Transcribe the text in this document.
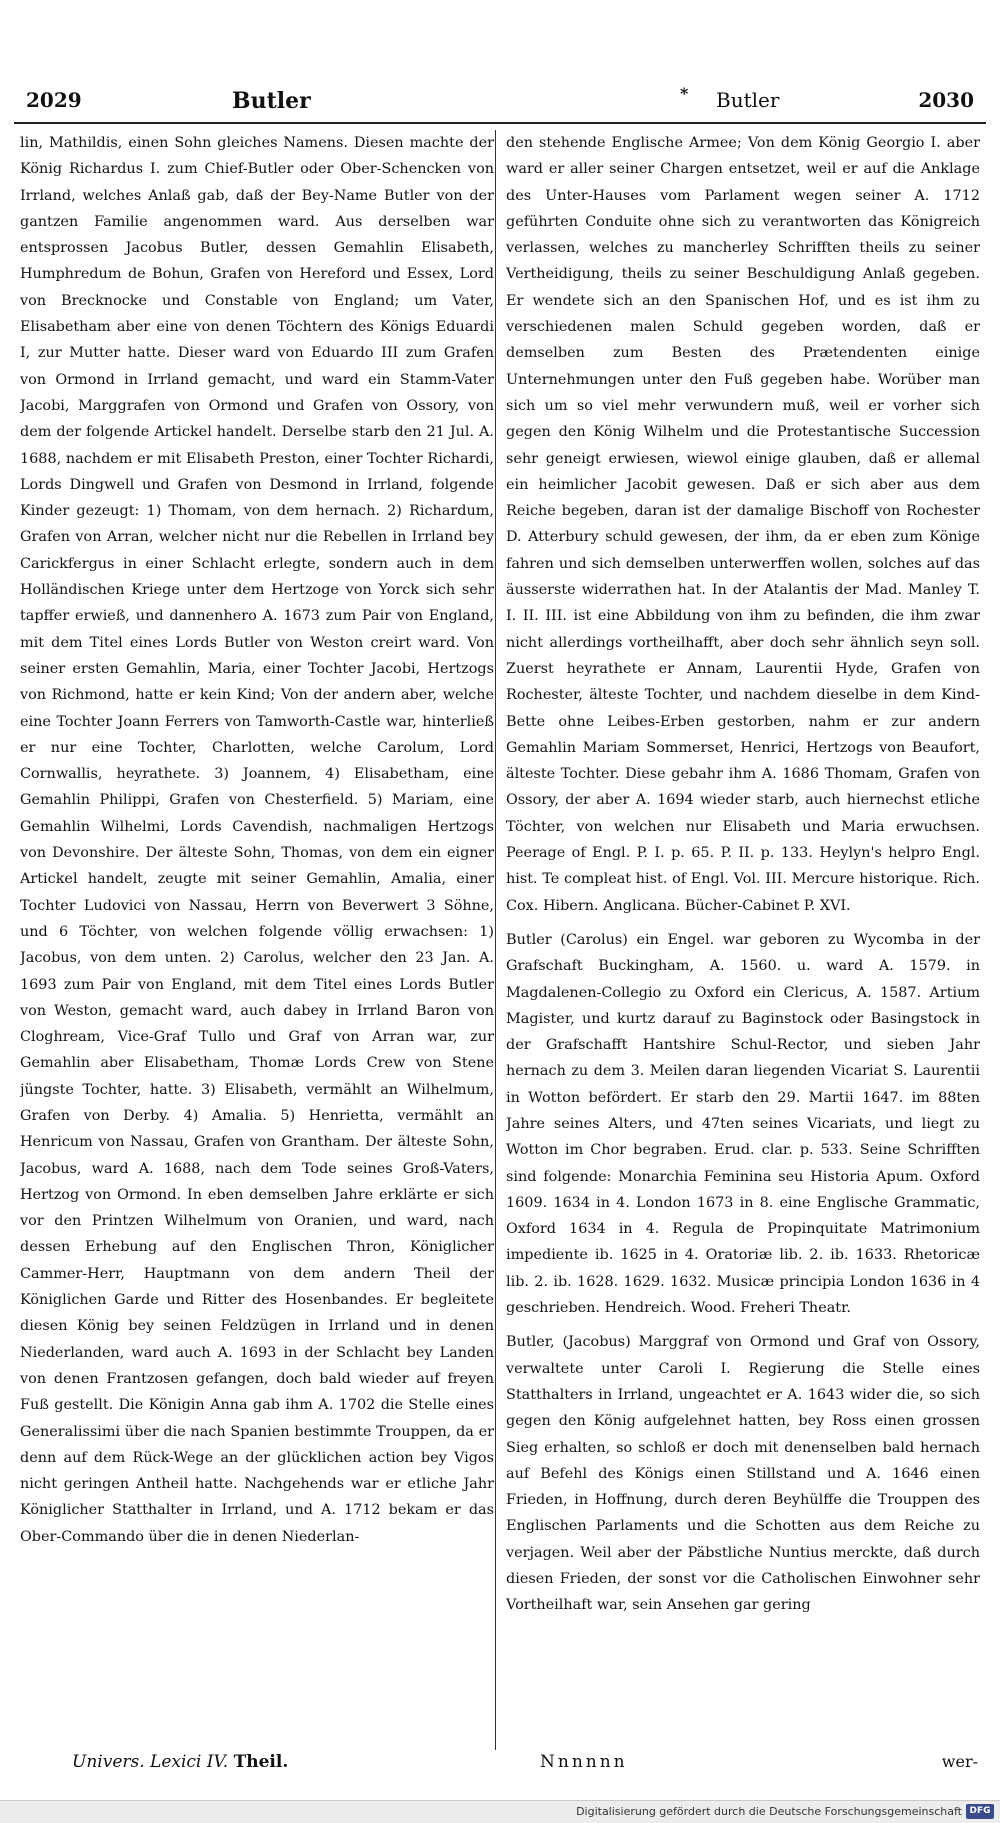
2029	Butler	* Butler	2030

lin, Mathildis, einen Sohn gleiches Namens. Diesen machte der König Richardus I. zum Chief-Butler oder Ober-Schencken von Irrland, welches Anlaß gab, daß der Bey-Name Butler von der gantzen Familie angenommen ward. Aus derselben war entsprossen Jacobus Butler, dessen Gemahlin Elisabeth, Humphredum de Bohun, Grafen von Hereford und Essex, Lord von Brecknocke und Constable von England; um Vater, Elisabetham aber eine von denen Töchtern des Königs Eduardi I, zur Mutter hatte. Dieser ward von Eduardo III zum Grafen von Ormond in Irrland gemacht, und ward ein Stamm-Vater Jacobi, Marggrafen von Ormond und Grafen von Ossory, von dem der folgende Artickel handelt. Derselbe starb den 21 Jul. A. 1688, nachdem er mit Elisabeth Preston, einer Tochter Richardi, Lords Dingwell und Grafen von Desmond in Irrland, folgende Kinder gezeugt: 1) Thomam, von dem hernach. 2) Richardum, Grafen von Arran, welcher nicht nur die Rebellen in Irrland bey Carickfergus in einer Schlacht erlegte, sondern auch in dem Holländischen Kriege unter dem Hertzoge von Yorck sich sehr tapffer erwieß, und dannenhero A. 1673 zum Pair von England, mit dem Titel eines Lords Butler von Weston creirt ward. Von seiner ersten Gemahlin, Maria, einer Tochter Jacobi, Hertzogs von Richmond, hatte er kein Kind; Von der andern aber, welche eine Tochter Joann Ferrers von Tamworth-Castle war, hinterließ er nur eine Tochter, Charlotten, welche Carolum, Lord Cornwallis, heyrathete. 3) Joannem, 4) Elisabetham, eine Gemahlin Philippi, Grafen von Chesterfield. 5) Mariam, eine Gemahlin Wilhelmi, Lords Cavendish, nachmaligen Hertzogs von Devonshire. Der älteste Sohn, Thomas, von dem ein eigner Artickel handelt, zeugte mit seiner Gemahlin, Amalia, einer Tochter Ludovici von Nassau, Herrn von Beverwert 3 Söhne, und 6 Töchter, von welchen folgende völlig erwachsen: 1) Jacobus, von dem unten. 2) Carolus, welcher den 23 Jan. A. 1693 zum Pair von England, mit dem Titel eines Lords Butler von Weston, gemacht ward, auch dabey in Irrland Baron von Cloghream, Vice-Graf Tullo und Graf von Arran war, zur Gemahlin aber Elisabetham, Thomæ Lords Crew von Stene jüngste Tochter, hatte. 3) Elisabeth, vermählt an Wilhelmum, Grafen von Derby. 4) Amalia. 5) Henrietta, vermählt an Henricum von Nassau, Grafen von Grantham. Der älteste Sohn, Jacobus, ward A. 1688, nach dem Tode seines Groß-Vaters, Hertzog von Ormond. In eben demselben Jahre erklärte er sich vor den Printzen Wilhelmum von Oranien, und ward, nach dessen Erhebung auf den Englischen Thron, Königlicher Cammer-Herr, Hauptmann von dem andern Theil der Königlichen Garde und Ritter des Hosenbandes. Er begleitete diesen König bey seinen Feldzügen in Irrland und in denen Niederlanden, ward auch A. 1693 in der Schlacht bey Landen von denen Frantzosen gefangen, doch bald wieder auf freyen Fuß gestellt. Die Königin Anna gab ihm A. 1702 die Stelle eines Generalissimi über die nach Spanien bestimmte Trouppen, da er denn auf dem Rück-Wege an der glücklichen action bey Vigos nicht geringen Antheil hatte. Nachgehends war er etliche Jahr Königlicher Statthalter in Irrland, und A. 1712 bekam er das Ober-Commando über die in denen Niederlan-

den stehende Englische Armee; Von dem König Georgio I. aber ward er aller seiner Chargen entsetzet, weil er auf die Anklage des Unter-Hauses vom Parlament wegen seiner A. 1712 geführten Conduite ohne sich zu verantworten das Königreich verlassen, welches zu mancherley Schrifften theils zu seiner Vertheidigung, theils zu seiner Beschuldigung Anlaß gegeben. Er wendete sich an den Spanischen Hof, und es ist ihm zu verschiedenen malen Schuld gegeben worden, daß er demselben zum Besten des Prætendenten einige Unternehmungen unter den Fuß gegeben habe. Worüber man sich um so viel mehr verwundern muß, weil er vorher sich gegen den König Wilhelm und die Protestantische Succession sehr geneigt erwiesen, wiewol einige glauben, daß er allemal ein heimlicher Jacobit gewesen. Daß er sich aber aus dem Reiche begeben, daran ist der damalige Bischoff von Rochester D. Atterbury schuld gewesen, der ihm, da er eben zum Könige fahren und sich demselben unterwerffen wollen, solches auf das äusserste widerrathen hat. In der Atalantis der Mad. Manley T. I. II. III. ist eine Abbildung von ihm zu befinden, die ihm zwar nicht allerdings vortheilhafft, aber doch sehr ähnlich seyn soll. Zuerst heyrathete er Annam, Laurentii Hyde, Grafen von Rochester, älteste Tochter, und nachdem dieselbe in dem Kind-Bette ohne Leibes-Erben gestorben, nahm er zur andern Gemahlin Mariam Sommerset, Henrici, Hertzogs von Beaufort, älteste Tochter. Diese gebahr ihm A. 1686 Thomam, Grafen von Ossory, der aber A. 1694 wieder starb, auch hiernechst etliche Töchter, von welchen nur Elisabeth und Maria erwuchsen. Peerage of Engl. P. I. p. 65. P. II. p. 133. Heylyn's helpro Engl. hist. Te compleat hist. of Engl. Vol. III. Mercure historique. Rich. Cox. Hibern. Anglicana. Bücher-Cabinet P. XVI.

Butler (Carolus) ein Engel. war geboren zu Wycomba in der Grafschaft Buckingham, A. 1560. u. ward A. 1579. in Magdalenen-Collegio zu Oxford ein Clericus, A. 1587. Artium Magister, und kurtz darauf zu Baginstock oder Basingstock in der Grafschafft Hantshire Schul-Rector, und sieben Jahr hernach zu dem 3. Meilen daran liegenden Vicariat S. Laurentii in Wotton befördert. Er starb den 29. Martii 1647. im 88ten Jahre seines Alters, und 47ten seines Vicariats, und liegt zu Wotton im Chor begraben. Erud. clar. p. 533. Seine Schrifften sind folgende: Monarchia Feminina seu Historia Apum. Oxford 1609. 1634 in 4. London 1673 in 8. eine Englische Grammatic, Oxford 1634 in 4. Regula de Propinquitate Matrimonium impediente ib. 1625 in 4. Oratoriæ lib. 2. ib. 1633. Rhetoricæ lib. 2. ib. 1628. 1629. 1632. Musicæ principia London 1636 in 4 geschrieben. Hendreich. Wood. Freheri Theatr.

Butler, (Jacobus) Marggraf von Ormond und Graf von Ossory, verwaltete unter Caroli I. Regierung die Stelle eines Statthalters in Irrland, ungeachtet er A. 1643 wider die, so sich gegen den König aufgelehnet hatten, bey Ross einen grossen Sieg erhalten, so schloß er doch mit denenselben bald hernach auf Befehl des Königs einen Stillstand und A. 1646 einen Frieden, in Hoffnung, durch deren Beyhülffe die Trouppen des Englischen Parlaments und die Schotten aus dem Reiche zu verjagen. Weil aber der Päbstliche Nuntius merckte, daß durch diesen Frieden, der sonst vor die Catholischen Einwohner sehr Vortheilhaft war, sein Ansehen gar gering

Univers. Lexici IV. Theil.	Nnnnnn	wer-
Digitalisierung gefördert durch die Deutsche Forschungsgemeinschaft DFG
